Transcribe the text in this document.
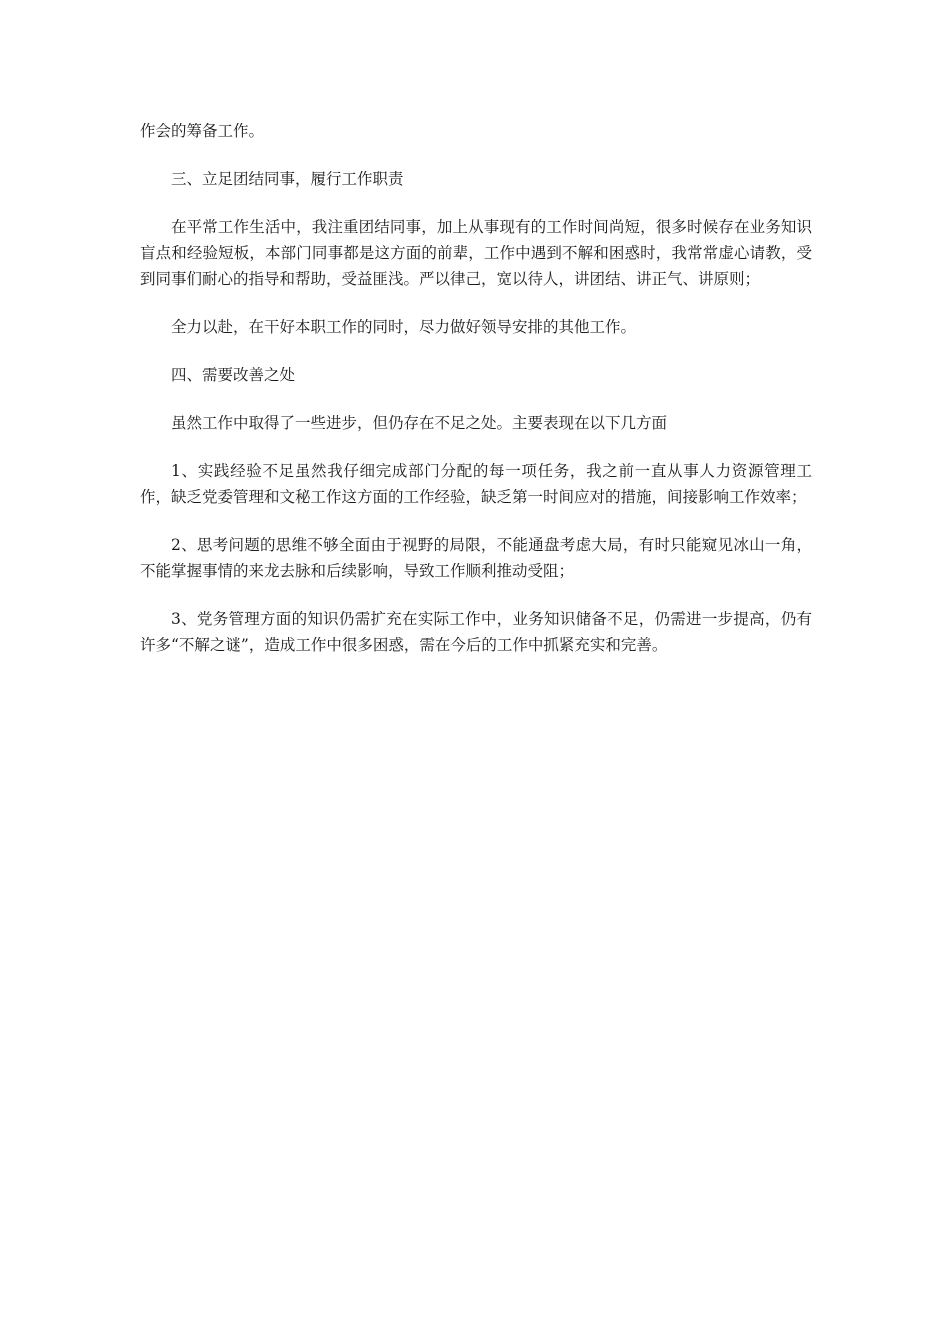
作会的筹备工作。

三、立足团结同事，履行工作职责

在平常工作生活中，我注重团结同事，加上从事现有的工作时间尚短，很多时候存在业务知识盲点和经验短板，本部门同事都是这方面的前辈，工作中遇到不解和困惑时，我常常虚心请教，受到同事们耐心的指导和帮助，受益匪浅。严以律己，宽以待人，讲团结、讲正气、讲原则；

全力以赴，在干好本职工作的同时，尽力做好领导安排的其他工作。

四、需要改善之处

虽然工作中取得了一些进步，但仍存在不足之处。主要表现在以下几方面

1、实践经验不足虽然我仔细完成部门分配的每一项任务，我之前一直从事人力资源管理工作，缺乏党委管理和文秘工作这方面的工作经验，缺乏第一时间应对的措施，间接影响工作效率；

2、思考问题的思维不够全面由于视野的局限，不能通盘考虑大局，有时只能窥见冰山一角，不能掌握事情的来龙去脉和后续影响，导致工作顺利推动受阻；

3、党务管理方面的知识仍需扩充在实际工作中，业务知识储备不足，仍需进一步提高，仍有许多“不解之谜”，造成工作中很多困惑，需在今后的工作中抓紧充实和完善。
